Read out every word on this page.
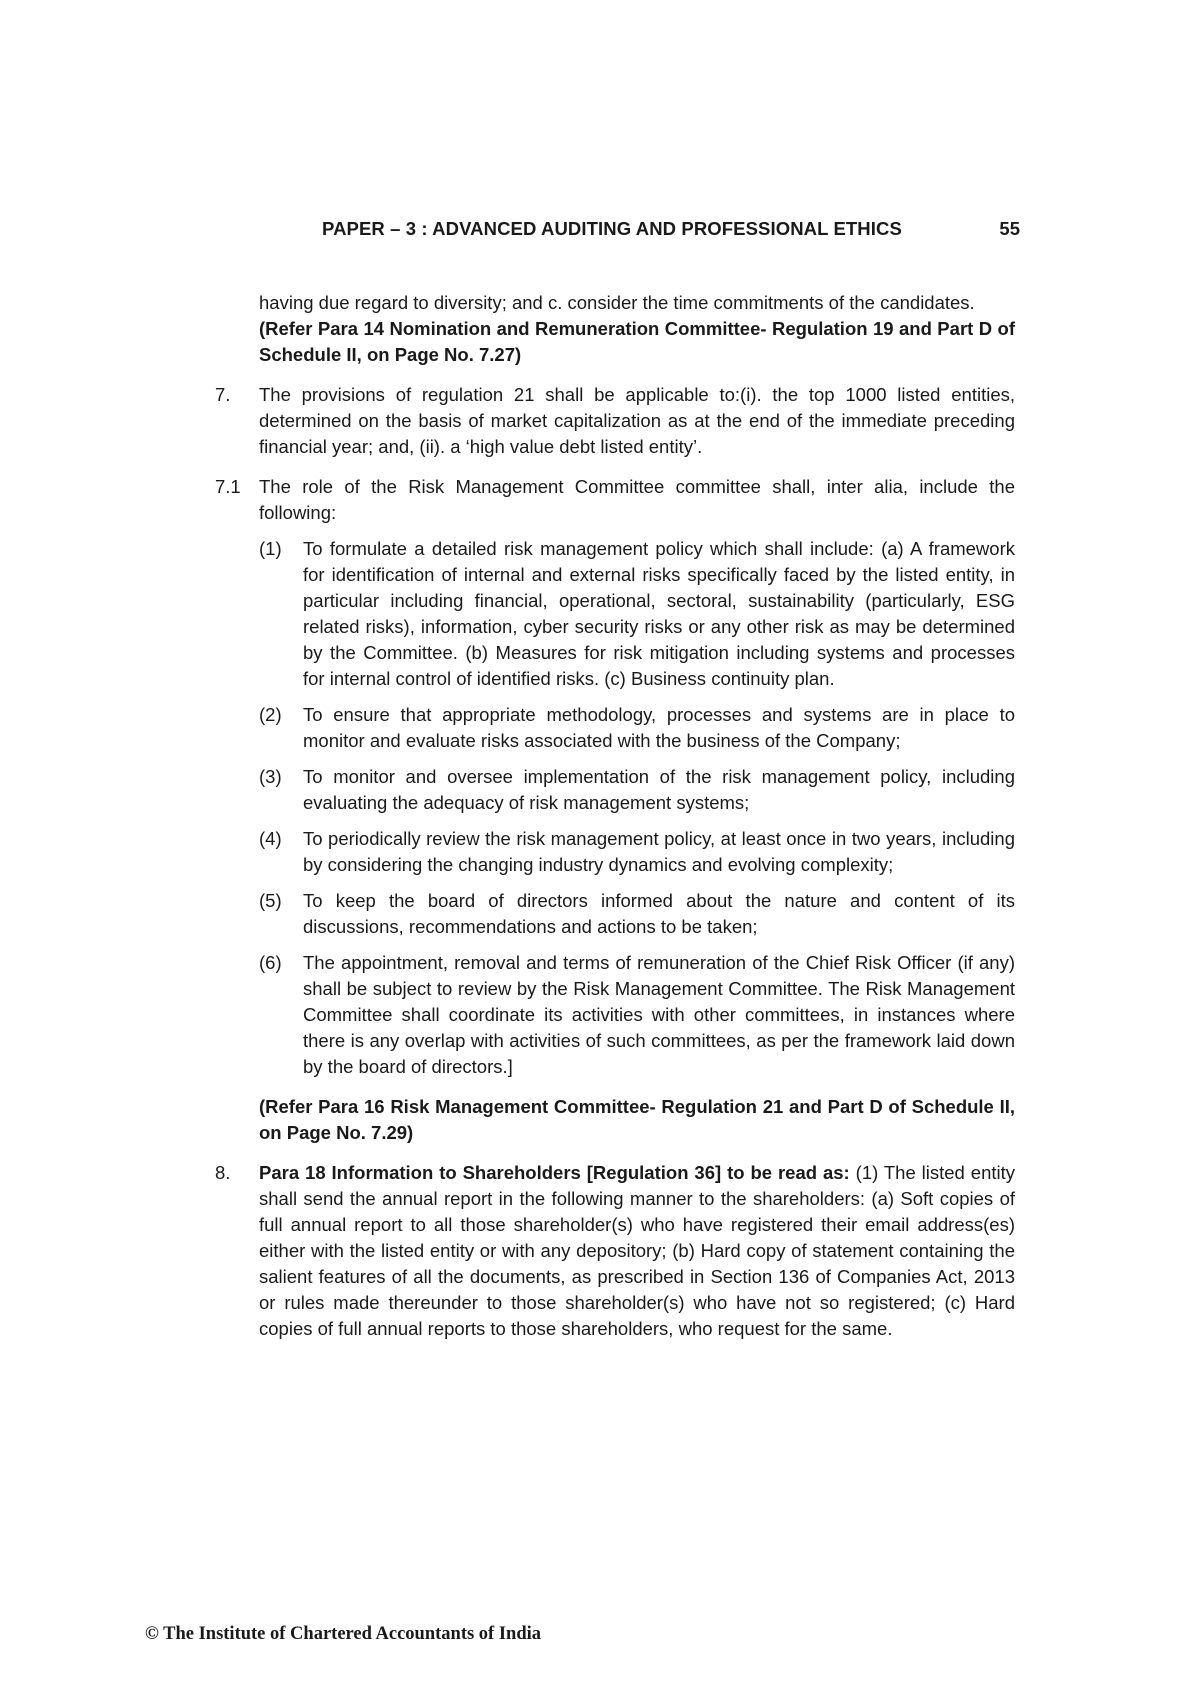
PAPER – 3 : ADVANCED AUDITING AND PROFESSIONAL ETHICS	55

having due regard to diversity; and c. consider the time commitments of the candidates.

(Refer Para 14 Nomination and Remuneration Committee- Regulation 19 and Part D of Schedule II, on Page No. 7.27)

7. The provisions of regulation 21 shall be applicable to:(i). the top 1000 listed entities, determined on the basis of market capitalization as at the end of the immediate preceding financial year; and, (ii). a ‘high value debt listed entity’.

7.1 The role of the Risk Management Committee committee shall, inter alia, include the following:

(1) To formulate a detailed risk management policy which shall include: (a) A framework for identification of internal and external risks specifically faced by the listed entity, in particular including financial, operational, sectoral, sustainability (particularly, ESG related risks), information, cyber security risks or any other risk as may be determined by the Committee. (b) Measures for risk mitigation including systems and processes for internal control of identified risks. (c) Business continuity plan.

(2) To ensure that appropriate methodology, processes and systems are in place to monitor and evaluate risks associated with the business of the Company;

(3) To monitor and oversee implementation of the risk management policy, including evaluating the adequacy of risk management systems;

(4) To periodically review the risk management policy, at least once in two years, including by considering the changing industry dynamics and evolving complexity;

(5) To keep the board of directors informed about the nature and content of its discussions, recommendations and actions to be taken;

(6) The appointment, removal and terms of remuneration of the Chief Risk Officer (if any) shall be subject to review by the Risk Management Committee. The Risk Management Committee shall coordinate its activities with other committees, in instances where there is any overlap with activities of such committees, as per the framework laid down by the board of directors.]

(Refer Para 16 Risk Management Committee- Regulation 21 and Part D of Schedule II, on Page No. 7.29)

8. Para 18 Information to Shareholders [Regulation 36] to be read as: (1) The listed entity shall send the annual report in the following manner to the shareholders: (a) Soft copies of full annual report to all those shareholder(s) who have registered their email address(es) either with the listed entity or with any depository; (b) Hard copy of statement containing the salient features of all the documents, as prescribed in Section 136 of Companies Act, 2013 or rules made thereunder to those shareholder(s) who have not so registered; (c) Hard copies of full annual reports to those shareholders, who request for the same.

© The Institute of Chartered Accountants of India
